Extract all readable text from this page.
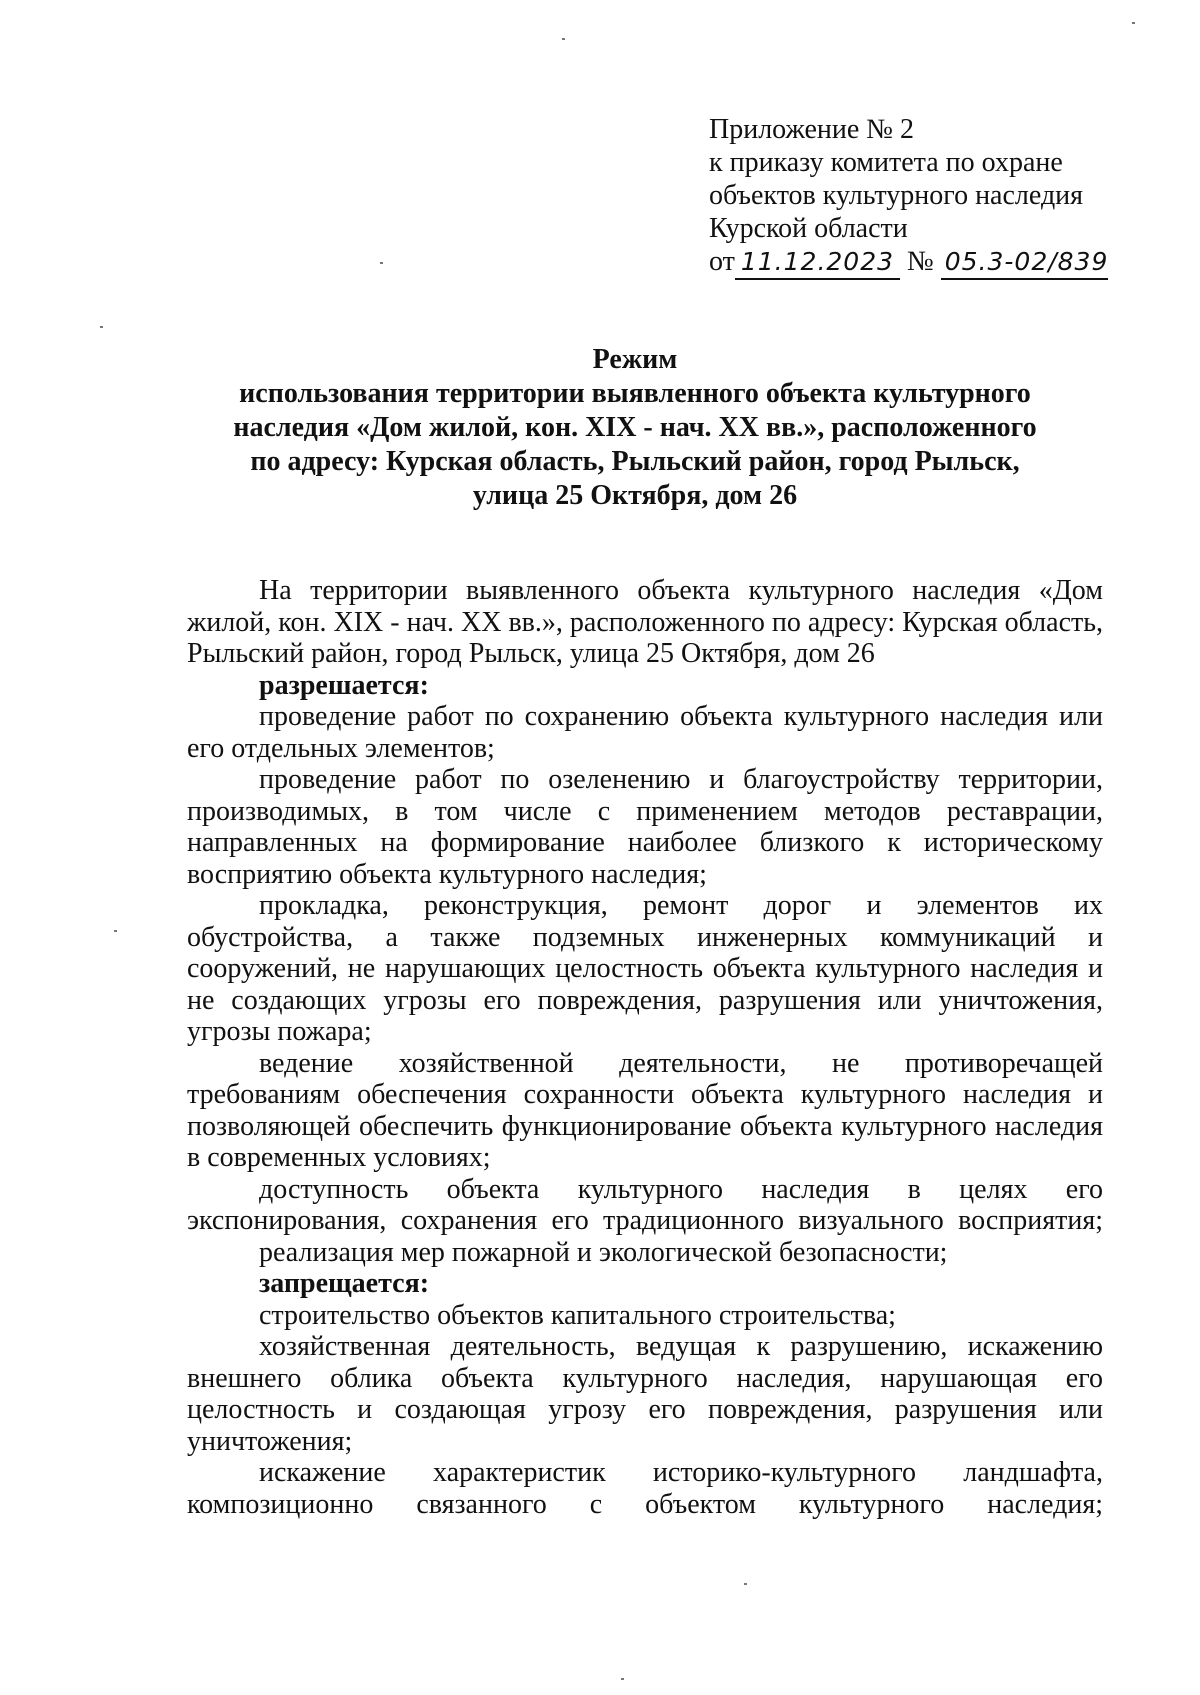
Приложение № 2
к приказу комитета по охране
объектов культурного наследия
Курской области
от 11.12.2023 № 05.3-02/839
Режим
использования территории выявленного объекта культурного
наследия «Дом жилой, кон. XIX - нач. XX вв.», расположенного
по адресу: Курская область, Рыльский район, город Рыльск,
улица 25 Октября, дом 26

На территории выявленного объекта культурного наследия «Дом жилой, кон. XIX - нач. XX вв.», расположенного по адресу: Курская область, Рыльский район, город Рыльск, улица 25 Октября, дом 26

разрешается:

проведение работ по сохранению объекта культурного наследия или его отдельных элементов;

проведение работ по озеленению и благоустройству территории, производимых, в том числе с применением методов реставрации, направленных на формирование наиболее близкого к историческому восприятию объекта культурного наследия;

прокладка, реконструкция, ремонт дорог и элементов их обустройства, а также подземных инженерных коммуникаций и сооружений, не нарушающих целостность объекта культурного наследия и не создающих угрозы его повреждения, разрушения или уничтожения, угрозы пожара;

ведение хозяйственной деятельности, не противоречащей требованиям обеспечения сохранности объекта культурного наследия и позволяющей обеспечить функционирование объекта культурного наследия в современных условиях;

доступность объекта культурного наследия в целях его экспонирования, сохранения его традиционного визуального восприятия;

реализация мер пожарной и экологической безопасности;

запрещается:

строительство объектов капитального строительства;

хозяйственная деятельность, ведущая к разрушению, искажению внешнего облика объекта культурного наследия, нарушающая его целостность и создающая угрозу его повреждения, разрушения или уничтожения;

искажение характеристик историко-культурного ландшафта, композиционно связанного с объектом культурного наследия;
